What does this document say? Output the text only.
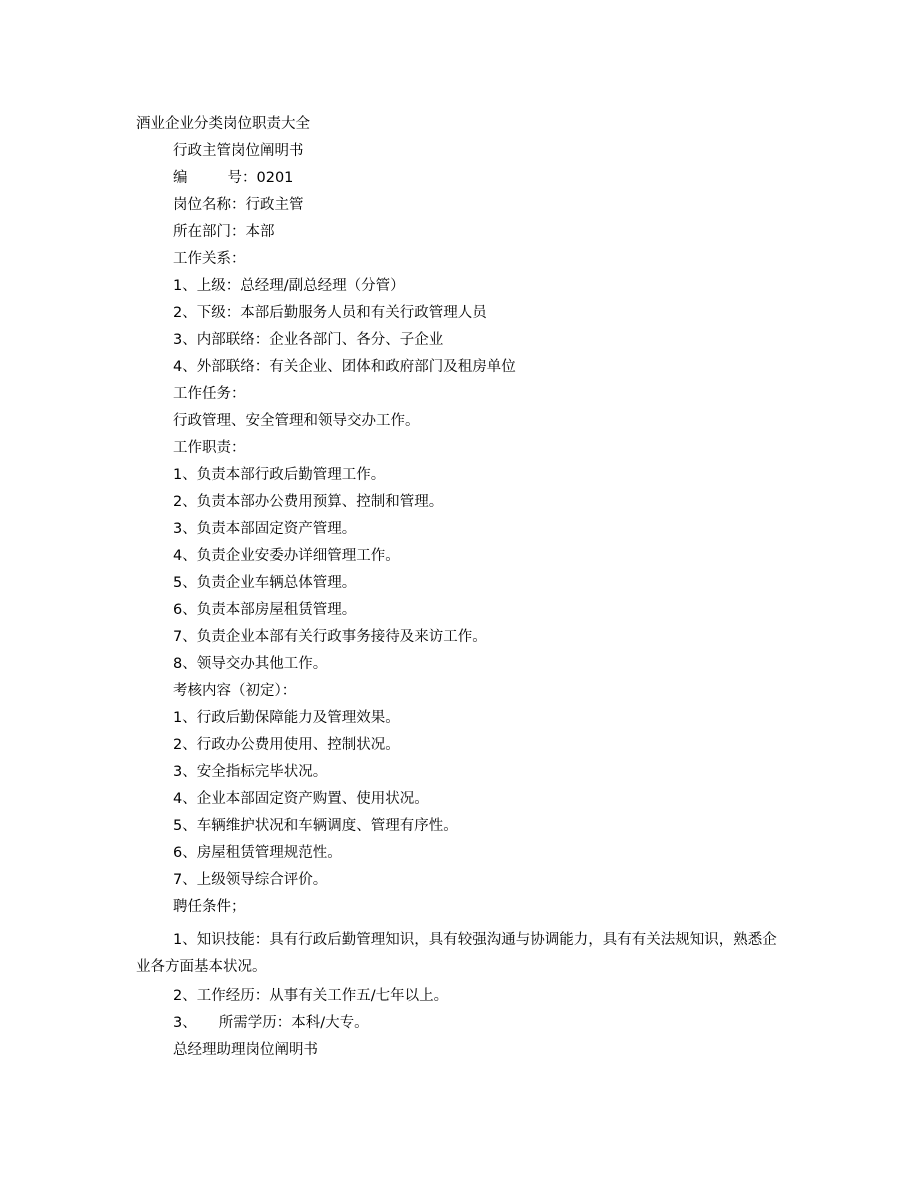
酒业企业分类岗位职责大全
行政主管岗位阐明书
编	号：0201
岗位名称：行政主管
所在部门：本部
工作关系：
1、上级：总经理/副总经理（分管）
2、下级：本部后勤服务人员和有关行政管理人员
3、内部联络：企业各部门、各分、子企业
4、外部联络：有关企业、团体和政府部门及租房单位
工作任务：
行政管理、安全管理和领导交办工作。
工作职责：
1、负责本部行政后勤管理工作。
2、负责本部办公费用预算、控制和管理。
3、负责本部固定资产管理。
4、负责企业安委办详细管理工作。
5、负责企业车辆总体管理。
6、负责本部房屋租赁管理。
7、负责企业本部有关行政事务接待及来访工作。
8、领导交办其他工作。
考核内容（初定）：
1、行政后勤保障能力及管理效果。
2、行政办公费用使用、控制状况。
3、安全指标完毕状况。
4、企业本部固定资产购置、使用状况。
5、车辆维护状况和车辆调度、管理有序性。
6、房屋租赁管理规范性。
7、上级领导综合评价。
聘任条件；
1、知识技能：具有行政后勤管理知识，具有较强沟通与协调能力，具有有关法规知识，熟悉企业各方面基本状况。
2、工作经历：从事有关工作五/七年以上。
3、 所需学历：本科/大专。
总经理助理岗位阐明书
